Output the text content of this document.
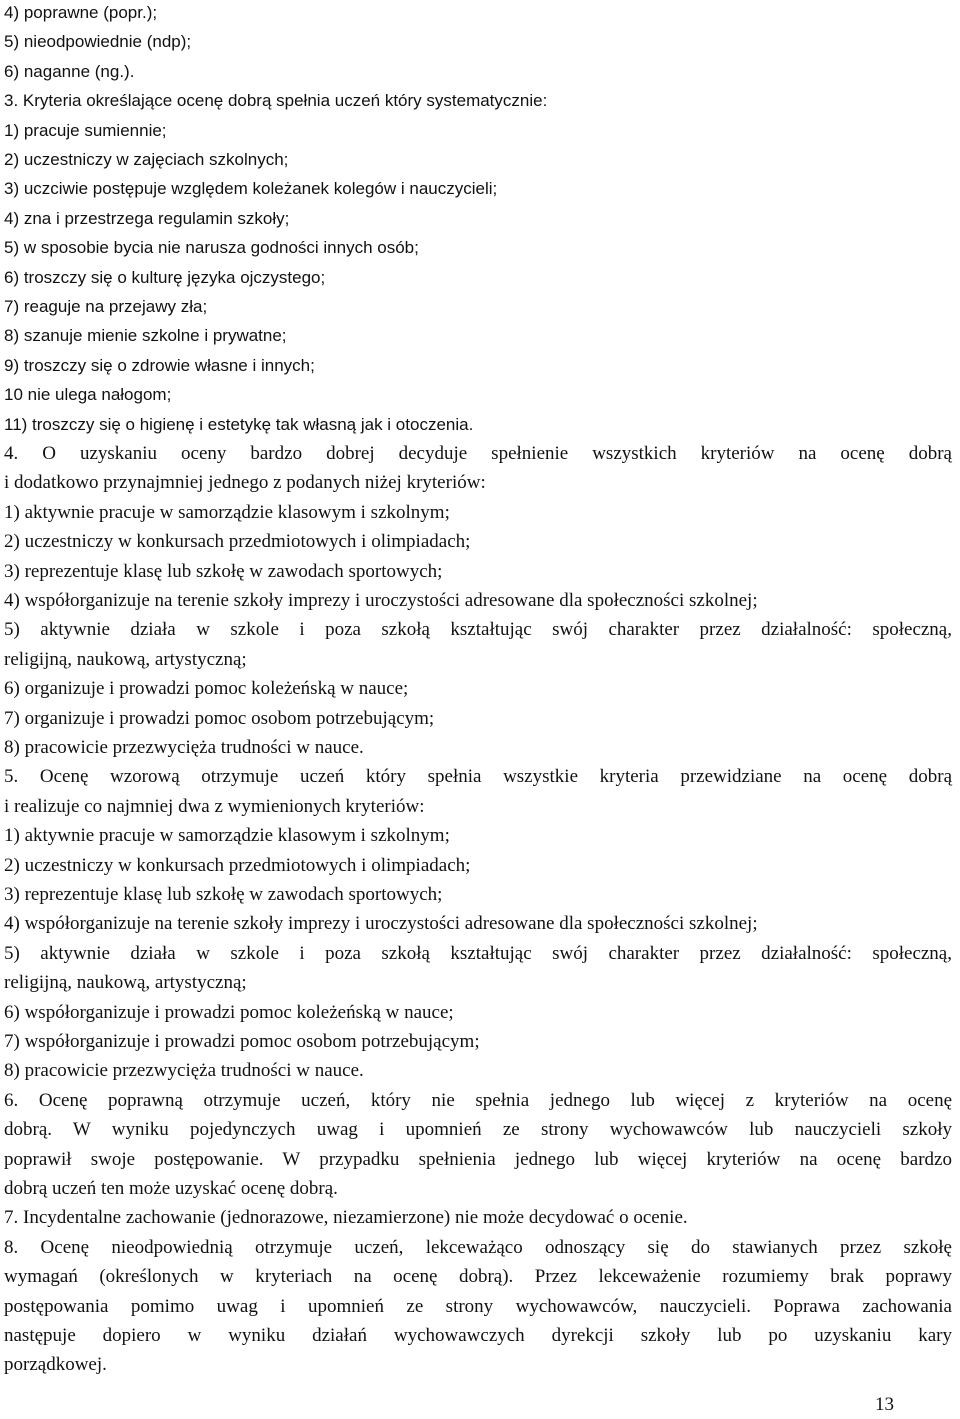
4) poprawne (popr.);
5) nieodpowiednie (ndp);
6) naganne (ng.).
3. Kryteria określające ocenę dobrą spełnia uczeń który systematycznie:
1) pracuje sumiennie;
2) uczestniczy w zajęciach szkolnych;
3) uczciwie postępuje względem koleżanek kolegów i nauczycieli;
4) zna i przestrzega regulamin szkoły;
5) w sposobie bycia nie narusza godności innych osób;
6) troszczy się o kulturę języka ojczystego;
7) reaguje na przejawy zła;
8) szanuje mienie szkolne i prywatne;
9) troszczy się o zdrowie własne i innych;
10 nie ulega nałogom;
11) troszczy się o higienę i estetykę tak własną jak i otoczenia.
4. O uzyskaniu oceny bardzo dobrej decyduje spełnienie wszystkich kryteriów na ocenę dobrą
i dodatkowo przynajmniej jednego z podanych niżej kryteriów:
1) aktywnie pracuje w samorządzie klasowym i szkolnym;
2) uczestniczy w konkursach przedmiotowych i olimpiadach;
3) reprezentuje klasę lub szkołę w zawodach sportowych;
4) współorganizuje na terenie szkoły imprezy i uroczystości adresowane dla społeczności szkolnej;
5) aktywnie działa w szkole i poza szkołą kształtując swój charakter przez działalność: społeczną,
religijną, naukową, artystyczną;
6) organizuje i prowadzi pomoc koleżeńską w nauce;
7) organizuje i prowadzi pomoc osobom potrzebującym;
8) pracowicie przezwycięża trudności w nauce.
5. Ocenę wzorową otrzymuje uczeń który spełnia wszystkie kryteria przewidziane na ocenę dobrą
i realizuje co najmniej dwa z wymienionych kryteriów:
1) aktywnie pracuje w samorządzie klasowym i szkolnym;
2) uczestniczy w konkursach przedmiotowych i olimpiadach;
3) reprezentuje klasę lub szkołę w zawodach sportowych;
4) współorganizuje na terenie szkoły imprezy i uroczystości adresowane dla społeczności szkolnej;
5) aktywnie działa w szkole i poza szkołą kształtując swój charakter przez działalność: społeczną,
religijną, naukową, artystyczną;
6) współorganizuje i prowadzi pomoc koleżeńską w nauce;
7) współorganizuje i prowadzi pomoc osobom potrzebującym;
8) pracowicie przezwycięża trudności w nauce.
6. Ocenę poprawną otrzymuje uczeń, który nie spełnia jednego lub więcej z kryteriów na ocenę
dobrą. W wyniku pojedynczych uwag i upomnień ze strony wychowawców lub nauczycieli szkoły
poprawił swoje postępowanie. W przypadku spełnienia jednego lub więcej kryteriów na ocenę bardzo
dobrą uczeń ten może uzyskać ocenę dobrą.
7. Incydentalne zachowanie (jednorazowe, niezamierzone) nie może decydować o ocenie.
8. Ocenę nieodpowiednią otrzymuje uczeń, lekceważąco odnoszący się do stawianych przez szkołę
wymagań (określonych w kryteriach na ocenę dobrą). Przez lekceważenie rozumiemy brak poprawy
postępowania pomimo uwag i upomnień ze strony wychowawców, nauczycieli. Poprawa zachowania
następuje dopiero w wyniku działań wychowawczych dyrekcji szkoły lub po uzyskaniu kary
porządkowej.
13
